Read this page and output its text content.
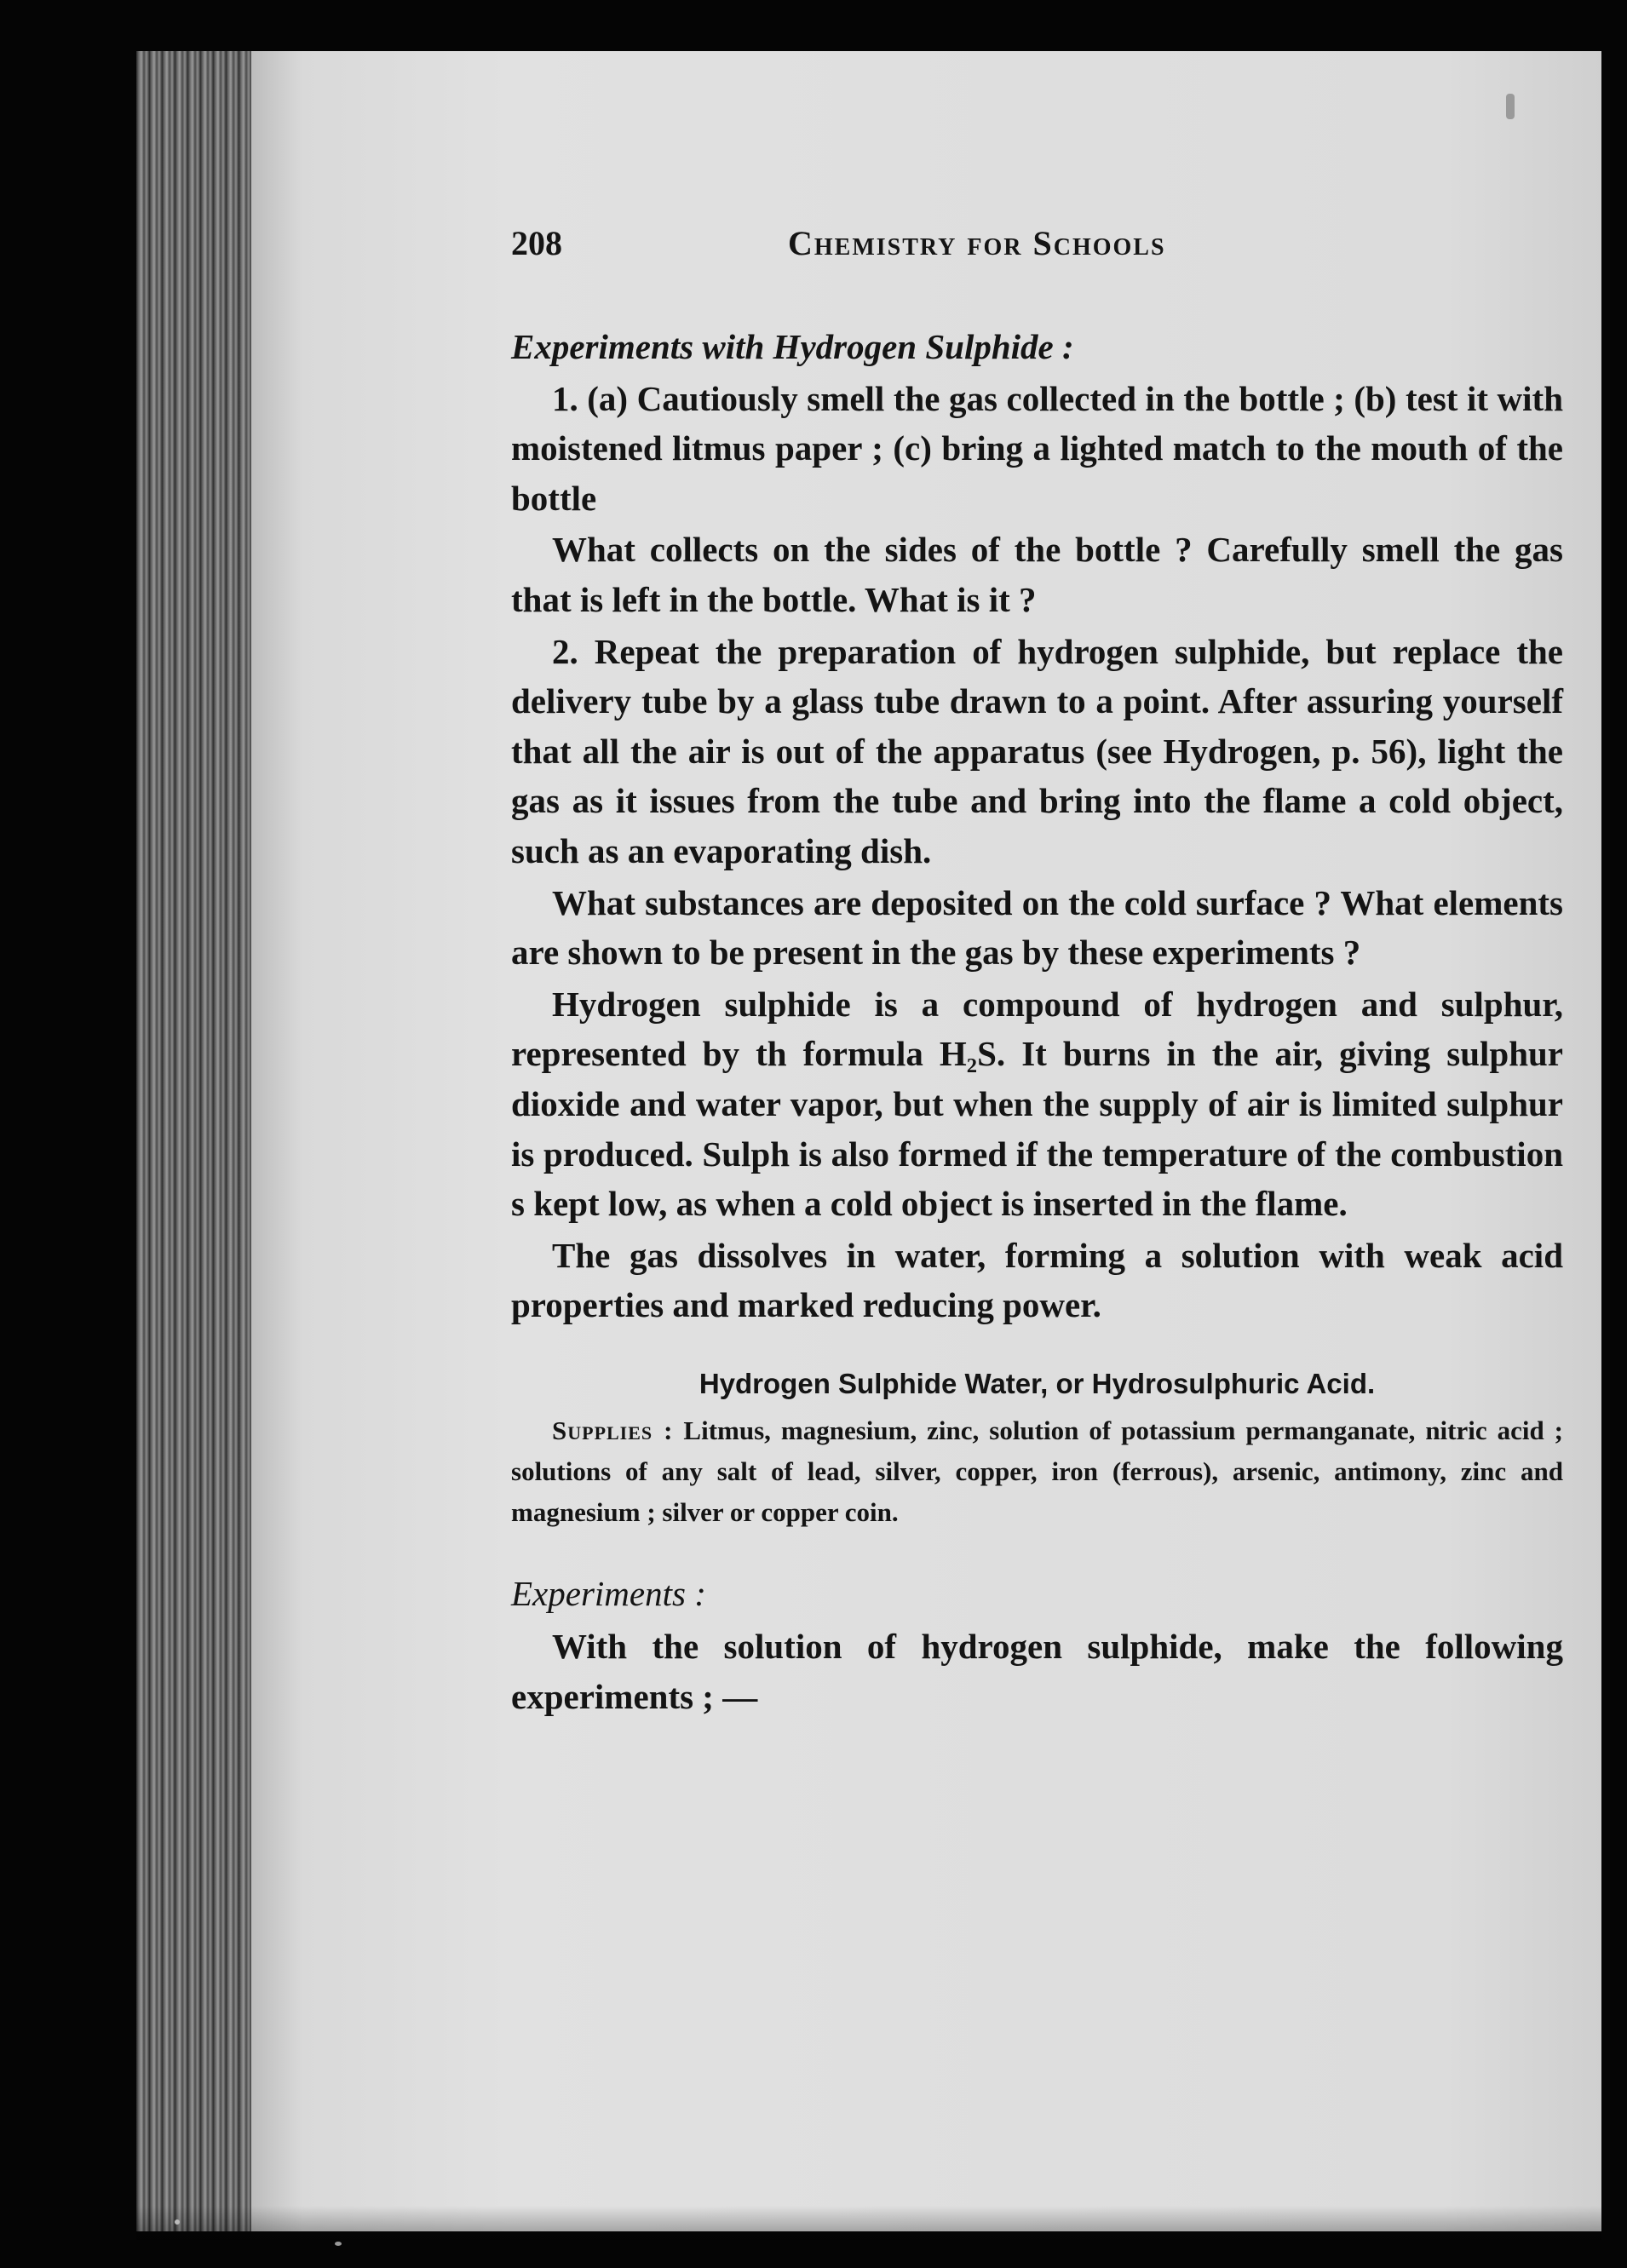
208	Chemistry for Schools
Experiments with Hydrogen Sulphide :

1. (a) Cautiously smell the gas collected in the bottle ; (b) test it with moistened litmus paper ; (c) bring a lighted match to the mouth of the bottle

What collects on the sides of the bottle ? Carefully smell the gas that is left in the bottle. What is it ?

2. Repeat the preparation of hydrogen sulphide, but replace the delivery tube by a glass tube drawn to a point. After assuring yourself that all the air is out of the apparatus (see Hydrogen, p. 56), light the gas as it issues from the tube and bring into the flame a cold object, such as an evaporating dish.

What substances are deposited on the cold surface ? What elements are shown to be present in the gas by these experiments ?

Hydrogen sulphide is a compound of hydrogen and sulphur, represented by th formula H₂S. It burns in the air, giving sulphur dioxide and water vapor, but when the supply of air is limited sulphur is produced. Sulph is also formed if the temperature of the combustion s kept low, as when a cold object is inserted in the flame.

The gas dissolves in water, forming a solution with weak acid properties and marked reducing power.

Hydrogen Sulphide Water, or Hydrosulphuric Acid.

Supplies : Litmus, magnesium, zinc, solution of potassium permanganate, nitric acid ; solutions of any salt of lead, silver, copper, iron (ferrous), arsenic, antimony, zinc and magnesium ; silver or copper coin.

Experiments :

With the solution of hydrogen sulphide, make the following experiments ; —
